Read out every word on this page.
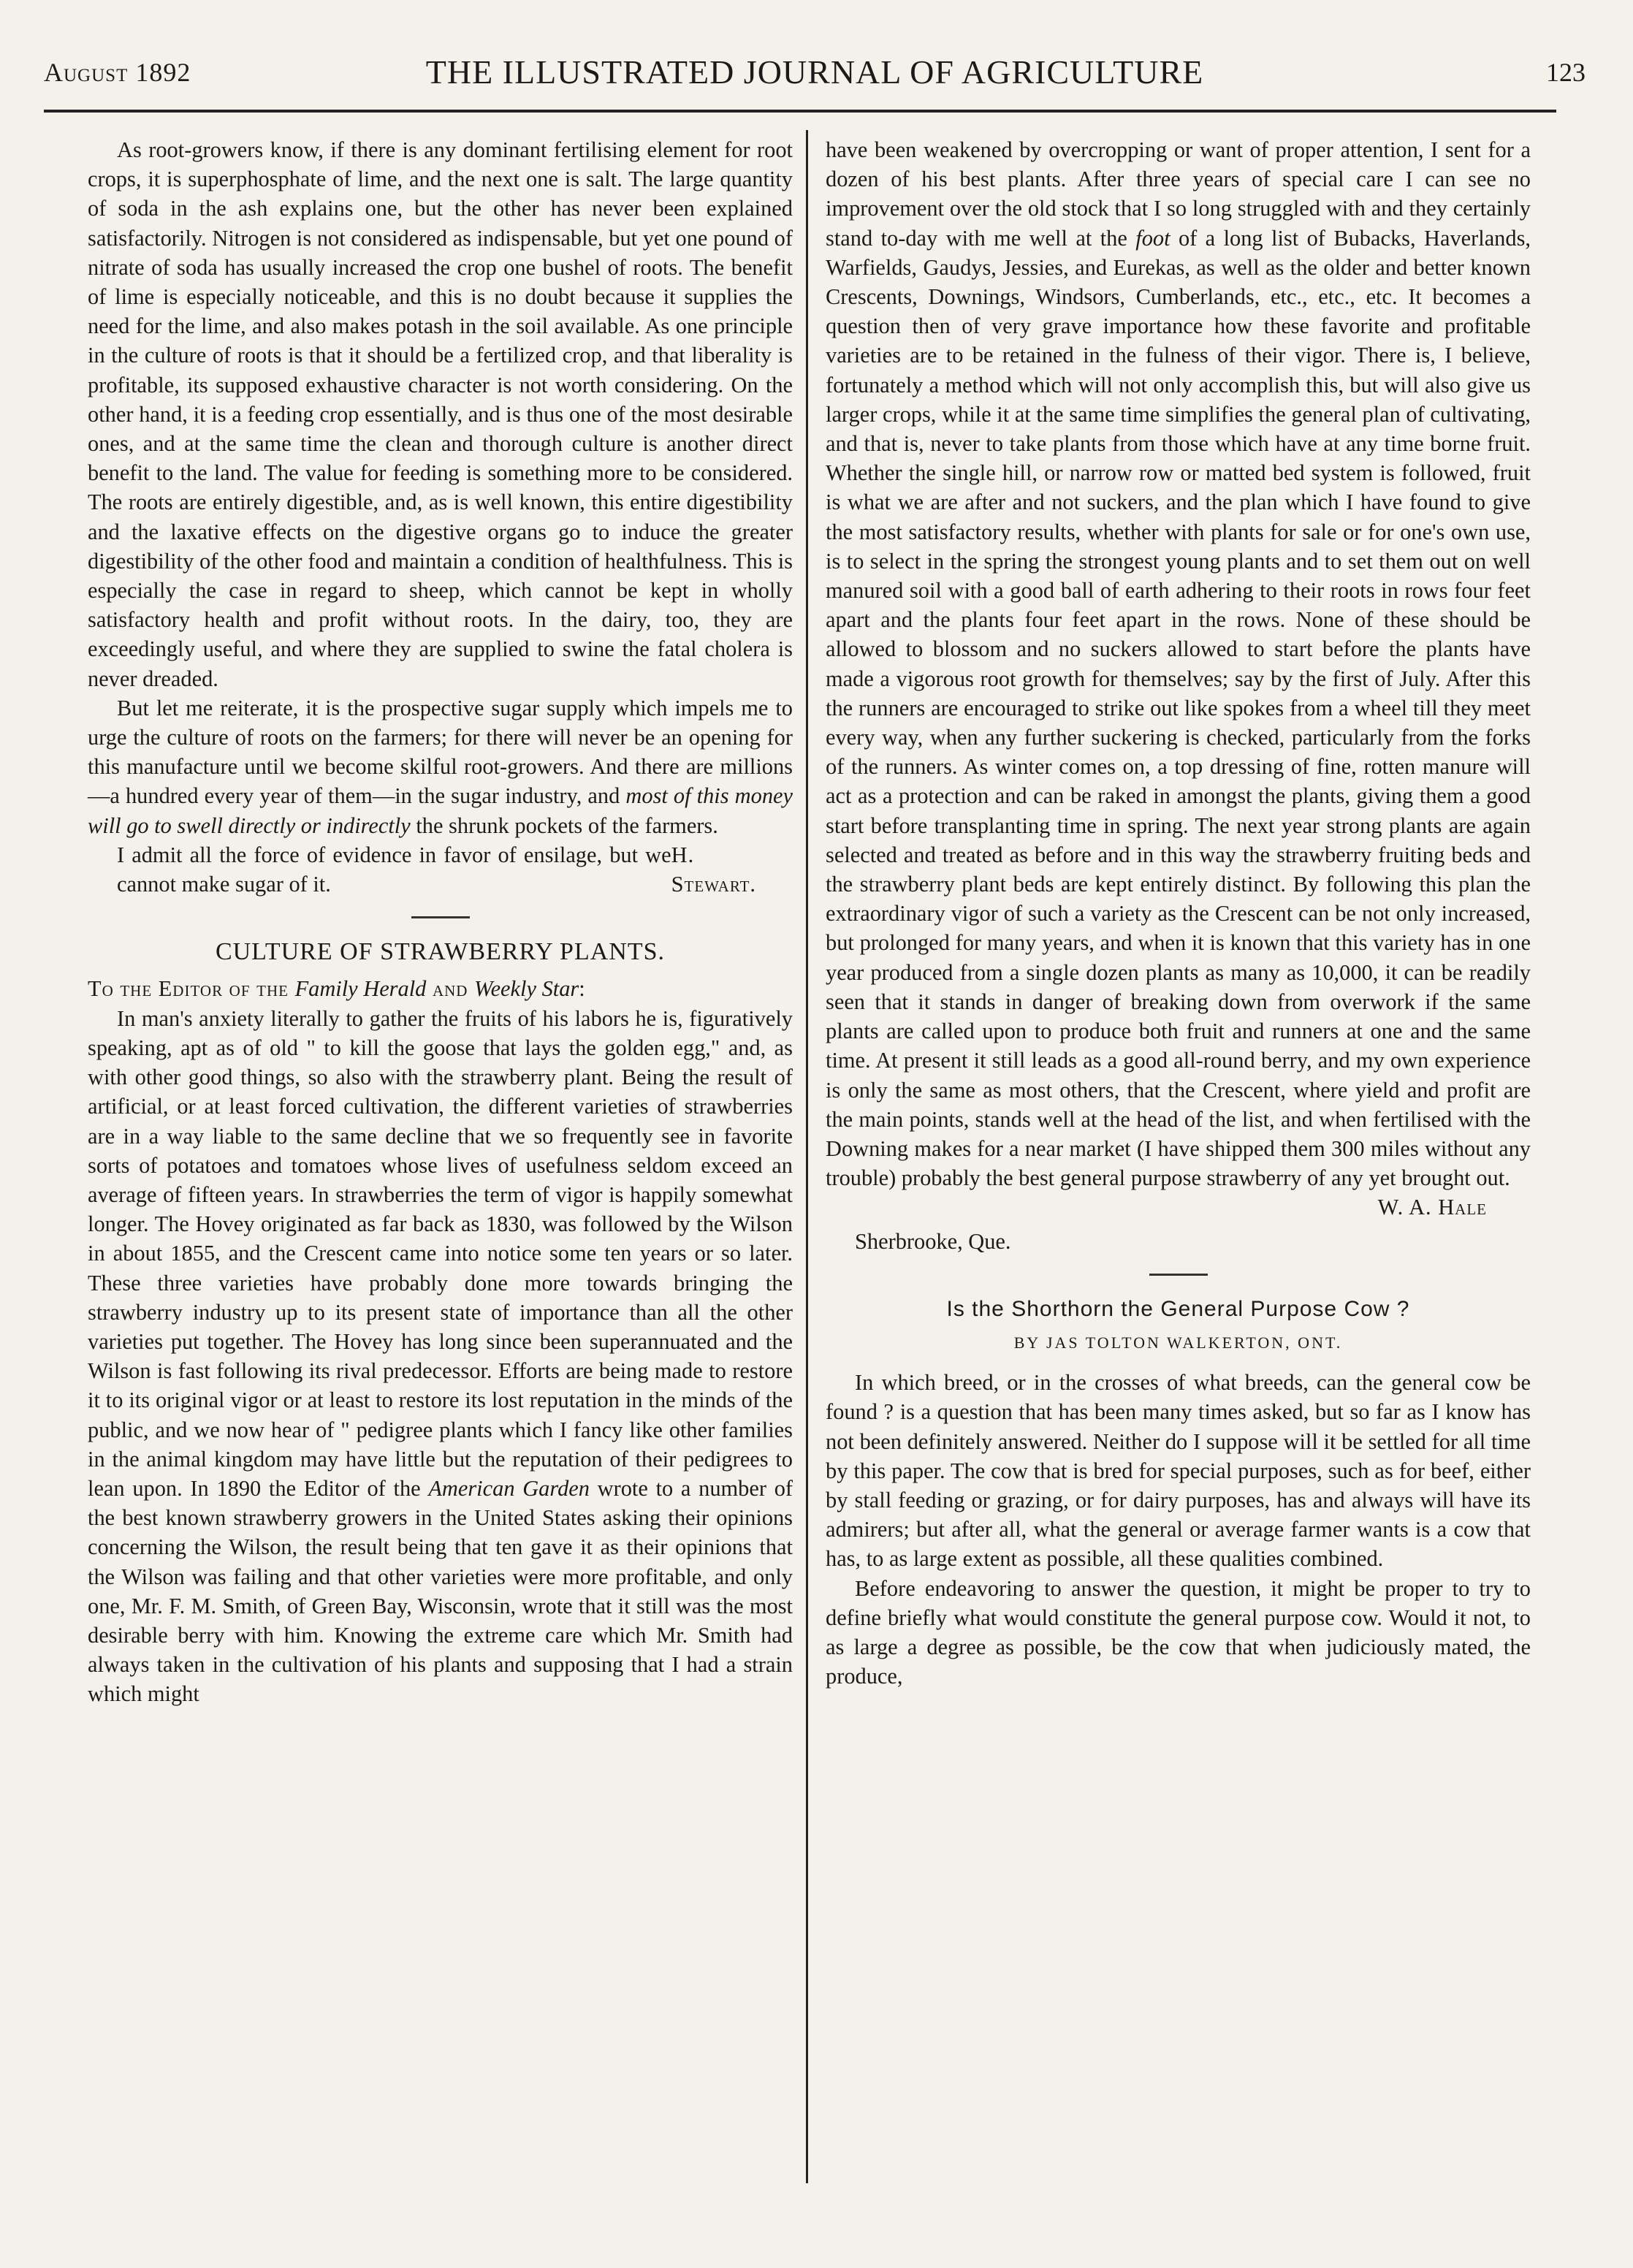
August 1892	THE ILLUSTRATED JOURNAL OF AGRICULTURE	123

As root-growers know, if there is any dominant fertilising element for root crops, it is superphosphate of lime, and the next one is salt. The large quantity of soda in the ash explains one, but the other has never been explained satisfactorily. Nitrogen is not considered as indispensable, but yet one pound of nitrate of soda has usually increased the crop one bushel of roots. The benefit of lime is especially noticeable, and this is no doubt because it supplies the need for the lime, and also makes potash in the soil available. As one principle in the culture of roots is that it should be a fertilized crop, and that liberality is profitable, its supposed exhaustive character is not worth considering. On the other hand, it is a feeding crop essentially, and is thus one of the most desirable ones, and at the same time the clean and thorough culture is another direct benefit to the land. The value for feeding is something more to be considered. The roots are entirely digestible, and, as is well known, this entire digestibility and the laxative effects on the digestive organs go to induce the greater digestibility of the other food and maintain a condition of healthfulness. This is especially the case in regard to sheep, which cannot be kept in wholly satisfactory health and profit without roots. In the dairy, too, they are exceedingly useful, and where they are supplied to swine the fatal cholera is never dreaded.

But let me reiterate, it is the prospective sugar supply which impels me to urge the culture of roots on the farmers; for there will never be an opening for this manufacture until we become skilful root-growers. And there are millions—a hundred every year of them—in the sugar industry, and most of this money will go to swell directly or indirectly the shrunk pockets of the farmers.

I admit all the force of evidence in favor of ensilage, but we cannot make sugar of it.
H. Stewart.

CULTURE OF STRAWBERRY PLANTS.

To the Editor of the Family Herald and Weekly Star:

In man's anxiety literally to gather the fruits of his labors he is, figuratively speaking, apt as of old " to kill the goose that lays the golden egg," and, as with other good things, so also with the strawberry plant. Being the result of artificial, or at least forced cultivation, the different varieties of strawberries are in a way liable to the same decline that we so frequently see in favorite sorts of potatoes and tomatoes whose lives of usefulness seldom exceed an average of fifteen years. In strawberries the term of vigor is happily somewhat longer. The Hovey originated as far back as 1830, was followed by the Wilson in about 1855, and the Crescent came into notice some ten years or so later. These three varieties have probably done more towards bringing the strawberry industry up to its present state of importance than all the other varieties put together. The Hovey has long since been superannuated and the Wilson is fast following its rival predecessor. Efforts are being made to restore it to its original vigor or at least to restore its lost reputation in the minds of the public, and we now hear of " pedigree plants which I fancy like other families in the animal kingdom may have little but the reputation of their pedigrees to lean upon. In 1890 the Editor of the American Garden wrote to a number of the best known strawberry growers in the United States asking their opinions concerning the Wilson, the result being that ten gave it as their opinions that the Wilson was failing and that other varieties were more profitable, and only one, Mr. F. M. Smith, of Green Bay, Wisconsin, wrote that it still was the most desirable berry with him. Knowing the extreme care which Mr. Smith had always taken in the cultivation of his plants and supposing that I had a strain which might

have been weakened by overcropping or want of proper attention, I sent for a dozen of his best plants. After three years of special care I can see no improvement over the old stock that I so long struggled with and they certainly stand to-day with me well at the foot of a long list of Bubacks, Haverlands, Warfields, Gaudys, Jessies, and Eurekas, as well as the older and better known Crescents, Downings, Windsors, Cumberlands, etc., etc., etc. It becomes a question then of very grave importance how these favorite and profitable varieties are to be retained in the fulness of their vigor. There is, I believe, fortunately a method which will not only accomplish this, but will also give us larger crops, while it at the same time simplifies the general plan of cultivating, and that is, never to take plants from those which have at any time borne fruit. Whether the single hill, or narrow row or matted bed system is followed, fruit is what we are after and not suckers, and the plan which I have found to give the most satisfactory results, whether with plants for sale or for one's own use, is to select in the spring the strongest young plants and to set them out on well manured soil with a good ball of earth adhering to their roots in rows four feet apart and the plants four feet apart in the rows. None of these should be allowed to blossom and no suckers allowed to start before the plants have made a vigorous root growth for themselves; say by the first of July. After this the runners are encouraged to strike out like spokes from a wheel till they meet every way, when any further suckering is checked, particularly from the forks of the runners. As winter comes on, a top dressing of fine, rotten manure will act as a protection and can be raked in amongst the plants, giving them a good start before transplanting time in spring. The next year strong plants are again selected and treated as before and in this way the strawberry fruiting beds and the strawberry plant beds are kept entirely distinct. By following this plan the extraordinary vigor of such a variety as the Crescent can be not only increased, but prolonged for many years, and when it is known that this variety has in one year produced from a single dozen plants as many as 10,000, it can be readily seen that it stands in danger of breaking down from overwork if the same plants are called upon to produce both fruit and runners at one and the same time. At present it still leads as a good all-round berry, and my own experience is only the same as most others, that the Crescent, where yield and profit are the main points, stands well at the head of the list, and when fertilised with the Downing makes for a near market (I have shipped them 300 miles without any trouble) probably the best general purpose strawberry of any yet brought out.

W. A. Hale

Sherbrooke, Que.

Is the Shorthorn the General Purpose Cow ?

BY JAS TOLTON WALKERTON, ONT.

In which breed, or in the crosses of what breeds, can the general cow be found ? is a question that has been many times asked, but so far as I know has not been definitely answered. Neither do I suppose will it be settled for all time by this paper. The cow that is bred for special purposes, such as for beef, either by stall feeding or grazing, or for dairy purposes, has and always will have its admirers; but after all, what the general or average farmer wants is a cow that has, to as large extent as possible, all these qualities combined.

Before endeavoring to answer the question, it might be proper to try to define briefly what would constitute the general purpose cow. Would it not, to as large a degree as possible, be the cow that when judiciously mated, the produce,
